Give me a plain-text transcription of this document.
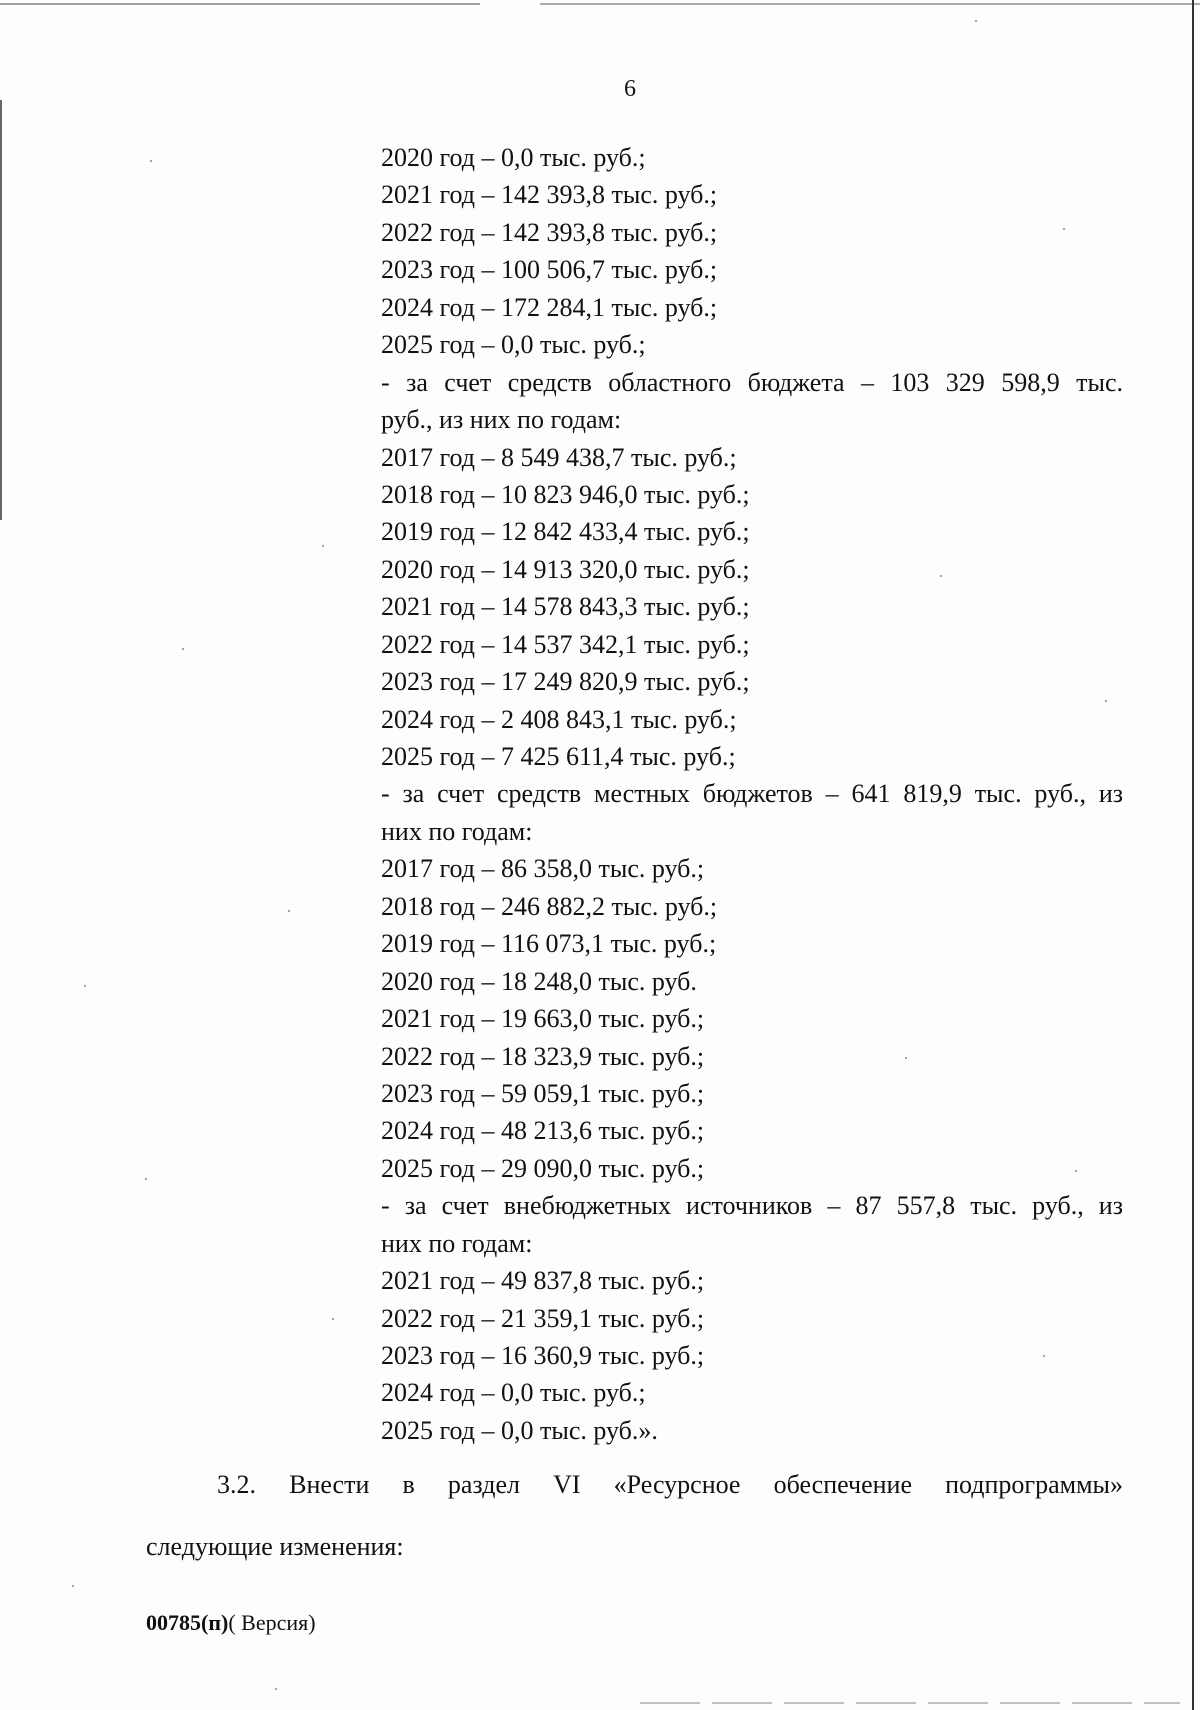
6
2020 год – 0,0 тыс. руб.;
2021 год – 142 393,8 тыс. руб.;
2022 год – 142 393,8 тыс. руб.;
2023 год – 100 506,7 тыс. руб.;
2024 год – 172 284,1 тыс. руб.;
2025 год – 0,0 тыс. руб.;
- за счет средств областного бюджета – 103 329 598,9 тыс.
руб., из них по годам:
2017 год – 8 549 438,7 тыс. руб.;
2018 год – 10 823 946,0 тыс. руб.;
2019 год – 12 842 433,4 тыс. руб.;
2020 год – 14 913 320,0 тыс. руб.;
2021 год – 14 578 843,3 тыс. руб.;
2022 год – 14 537 342,1 тыс. руб.;
2023 год – 17 249 820,9 тыс. руб.;
2024 год – 2 408 843,1 тыс. руб.;
2025 год – 7 425 611,4 тыс. руб.;
- за счет средств местных бюджетов – 641 819,9 тыс. руб., из
них по годам:
2017 год – 86 358,0 тыс. руб.;
2018 год – 246 882,2 тыс. руб.;
2019 год – 116 073,1 тыс. руб.;
2020 год – 18 248,0 тыс. руб.
2021 год – 19 663,0 тыс. руб.;
2022 год – 18 323,9 тыс. руб.;
2023 год – 59 059,1 тыс. руб.;
2024 год – 48 213,6 тыс. руб.;
2025 год – 29 090,0 тыс. руб.;
- за счет внебюджетных источников – 87 557,8 тыс. руб., из
них по годам:
2021 год – 49 837,8 тыс. руб.;
2022 год – 21 359,1 тыс. руб.;
2023 год – 16 360,9 тыс. руб.;
2024 год – 0,0 тыс. руб.;
2025 год – 0,0 тыс. руб.».
3.2. Внести в раздел VI «Ресурсное обеспечение подпрограммы»
следующие изменения:
00785(п)( Версия)
